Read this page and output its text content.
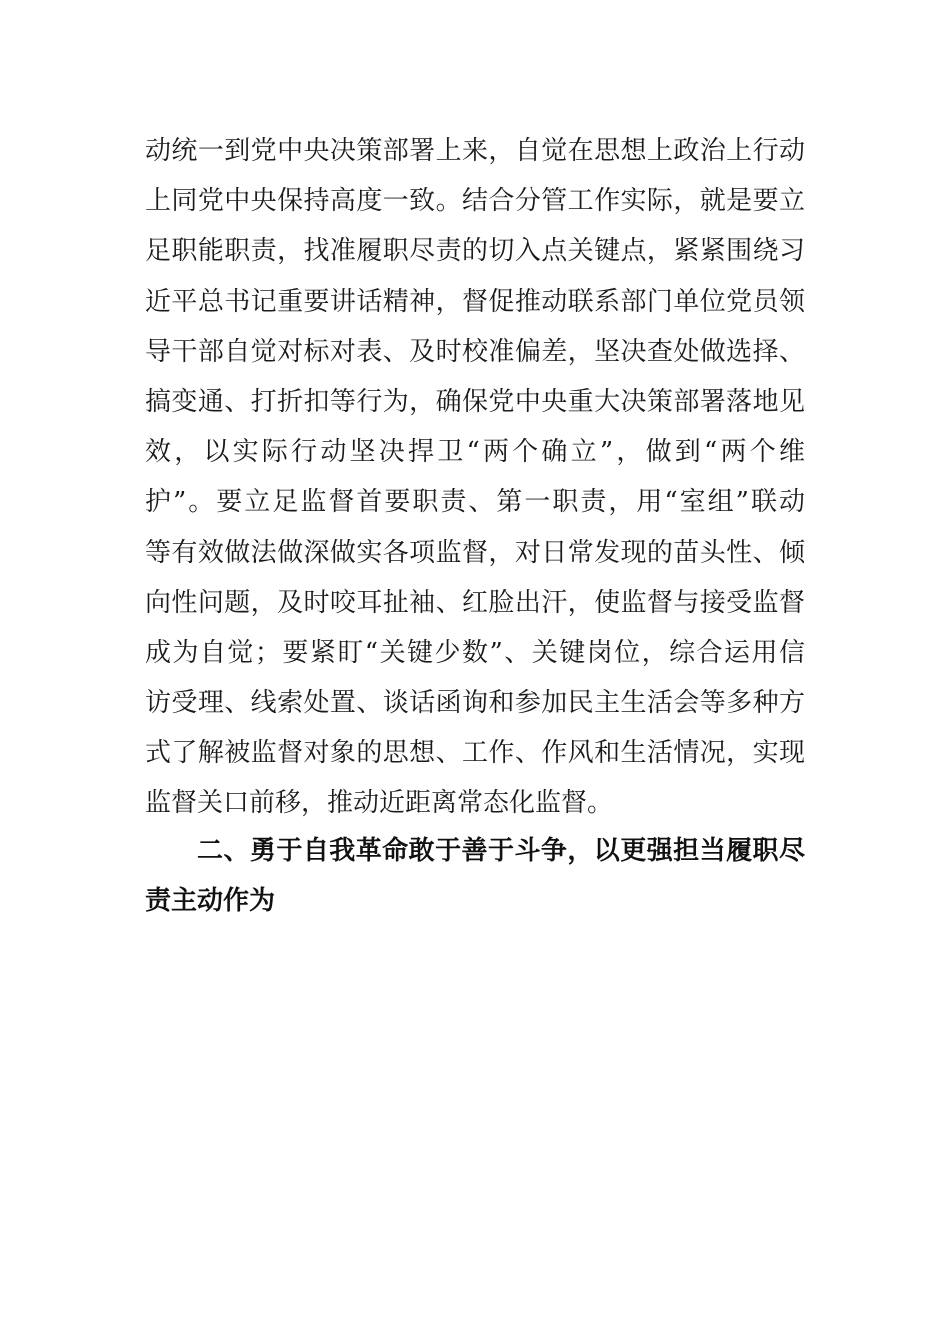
动统一到党中央决策部署上来，自觉在思想上政治上行动
上同党中央保持高度一致。结合分管工作实际，就是要立
足职能职责，找准履职尽责的切入点关键点，紧紧围绕习
近平总书记重要讲话精神，督促推动联系部门单位党员领
导干部自觉对标对表、及时校准偏差，坚决查处做选择、
搞变通、打折扣等行为，确保党中央重大决策部署落地见
效，以实际行动坚决捍卫“两个确立”，做到“两个维
护”。要立足监督首要职责、第一职责，用“室组”联动
等有效做法做深做实各项监督，对日常发现的苗头性、倾
向性问题，及时咬耳扯袖、红脸出汗，使监督与接受监督
成为自觉；要紧盯“关键少数”、关键岗位，综合运用信
访受理、线索处置、谈话函询和参加民主生活会等多种方
式了解被监督对象的思想、工作、作风和生活情况，实现
监督关口前移，推动近距离常态化监督。
二、勇于自我革命敢于善于斗争，以更强担当履职尽
责主动作为
